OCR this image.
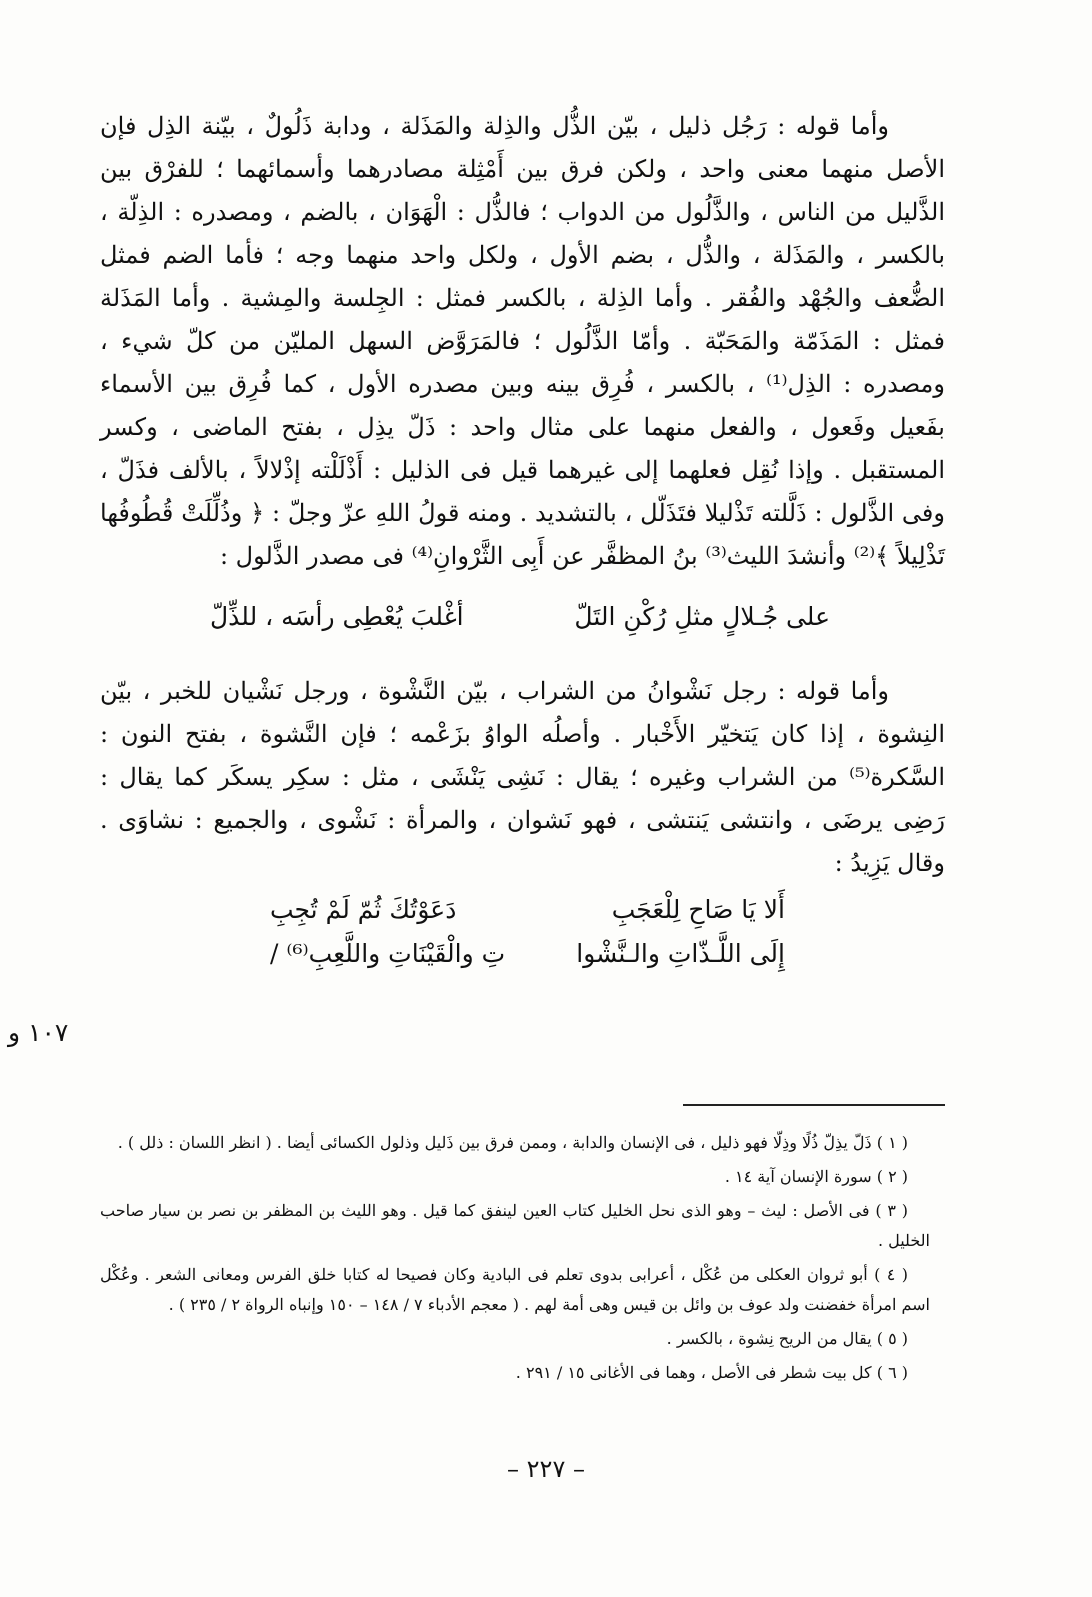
وأما قوله : رَجُل ذليل ، بيّن الذُّل والذِلة والمَذَلة ، ودابة ذَلُولٌ ، بيّنة الذِل فإن الأصل منهما معنى واحد ، ولكن فرق بين أَمْثِلة مصادرهما وأسمائهما ؛ للفرْق بين الذَّليل من الناس ، والذَّلُول من الدواب ؛ فالذُّل : الْهَوَان ، بالضم ، ومصدره : الذِلّة ، بالكسر ، والمَذَلة ، والذُّل ، بضم الأول ، ولكل واحد منهما وجه ؛ فأما الضم فمثل الضُّعف والجُهْد والفُقر . وأما الذِلة ، بالكسر فمثل : الجِلسة والمِشية . وأما المَذَلة فمثل : المَذَمّة والمَحَبّة . وأمّا الذَّلُول ؛ فالمَرَوَّض السهل المليّن من كلّ شيء ، ومصدره : الذِل⁽¹⁾ ، بالكسر ، فُرِق بينه وبين مصدره الأول ، كما فُرِق بين الأسماء بفَعيل وفَعول ، والفعل منهما على مثال واحد : ذَلّ يذِل ، بفتح الماضى ، وكسر المستقبل . وإذا نُقِل فعلهما إلى غيرهما قيل فى الذليل : أَذْلَلْته إذْلالاً ، بالألف فذَلّ ، وفى الذَّلول : ذَلَّلته تَذْليلا فتَذَلّل ، بالتشديد . ومنه قولُ اللهِ عزّ وجلّ : ﴿ وذُلِّلَتْ قُطُوفُها تَذْلِيلاً ﴾⁽²⁾ وأنشدَ الليث⁽³⁾ بنُ المظفَّر عن أَبِى الثَّرْوانِ⁽⁴⁾ فى مصدر الذَّلول :

على جُـلالٍ مثلِ رُكْنِ التَلّ
أغْلبَ يُعْطِى رأسَه ، للذِّلّ

وأما قوله : رجل نَشْوانُ من الشراب ، بيّن النَّشْوة ، ورجل نَشْيان للخبر ، بيّن النِشوة ، إذا كان يَتخيّر الأَخْبار . وأصلُه الواوُ بزَعْمه ؛ فإن النَّشوة ، بفتح النون : السَّكرة⁽⁵⁾ من الشراب وغيره ؛ يقال : نَشِى يَنْشَى ، مثل : سكِر يسكَر كما يقال : رَضِى يرضَى ، وانتشى يَنتشى ، فهو نَشوان ، والمرأة : نَشْوى ، والجميع : نشاوَى . وقال يَزِيدُ :

أَلا يَا صَاحِ لِلْعَجَبِ
دَعَوْتُكَ ثُمّ لَمْ تُجِبِ
إِلَى اللَّـذّاتِ والـنَّشْوا
تِ والْقَيْنَاتِ واللَّعِبِ⁽⁶⁾ /
١٠٧ و

( ١ ) ذَلّ يذِلّ ذُلًا وذِلّا فهو ذليل ، فى الإنسان والدابة ، وممن فرق بين ذَليل وذلول الكسائى أيضا . ( انظر اللسان : ذلل ) .

( ٢ ) سورة الإنسان آية ١٤ .

( ٣ ) فى الأصل : ليث – وهو الذى نحل الخليل كتاب العين لينفق كما قيل . وهو الليث بن المظفر بن نصر بن سيار صاحب الخليل .

( ٤ ) أبو ثروان العكلى من عُكْل ، أعرابى بدوى تعلم فى البادية وكان فصيحا له كتابا خلق الفرس ومعانى الشعر . وعُكْل اسم امرأة خفضنت ولد عوف بن وائل بن قيس وهى أمة لهم . ( معجم الأدباء ٧ / ١٤٨ – ١٥٠ وإنباه الرواة ٢ / ٢٣٥ ) .

( ٥ ) يقال من الريح نِشوة ، بالكسر .

( ٦ ) كل بيت شطر فى الأصل ، وهما فى الأغانى ١٥ / ٢٩١ .

– ٢٢٧ –
